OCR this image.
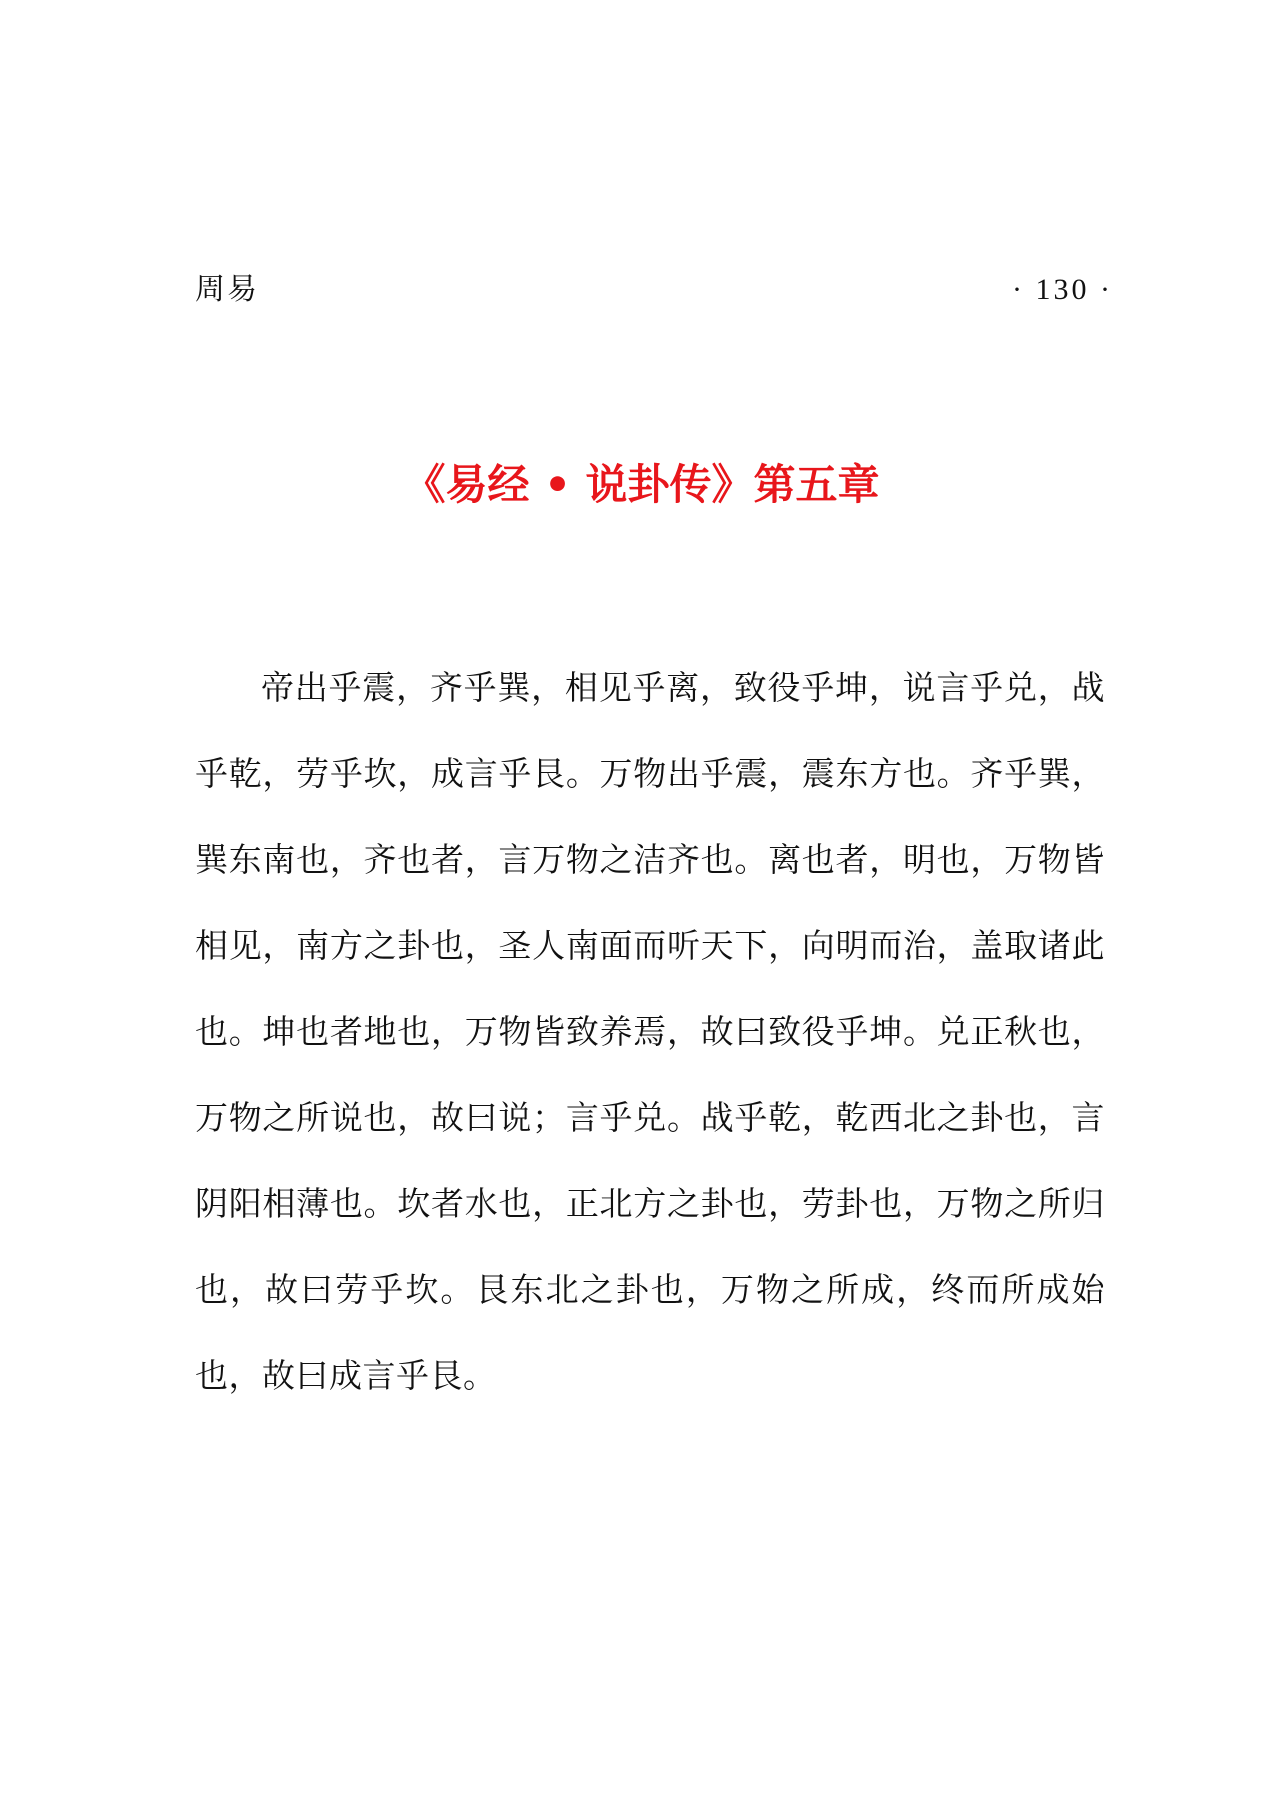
周易	· 130 ·
《易经 • 说卦传》第五章

帝出乎震，齐乎巽，相见乎离，致役乎坤，说言乎兑，战乎乾，劳乎坎，成言乎艮。万物出乎震，震东方也。齐乎巽，巽东南也，齐也者，言万物之洁齐也。离也者，明也，万物皆相见，南方之卦也，圣人南面而听天下，向明而治，盖取诸此也。坤也者地也，万物皆致养焉，故曰致役乎坤。兑正秋也，万物之所说也，故曰说；言乎兑。战乎乾，乾西北之卦也，言阴阳相薄也。坎者水也，正北方之卦也，劳卦也，万物之所归也，故曰劳乎坎。艮东北之卦也，万物之所成，终而所成始也，故曰成言乎艮。
